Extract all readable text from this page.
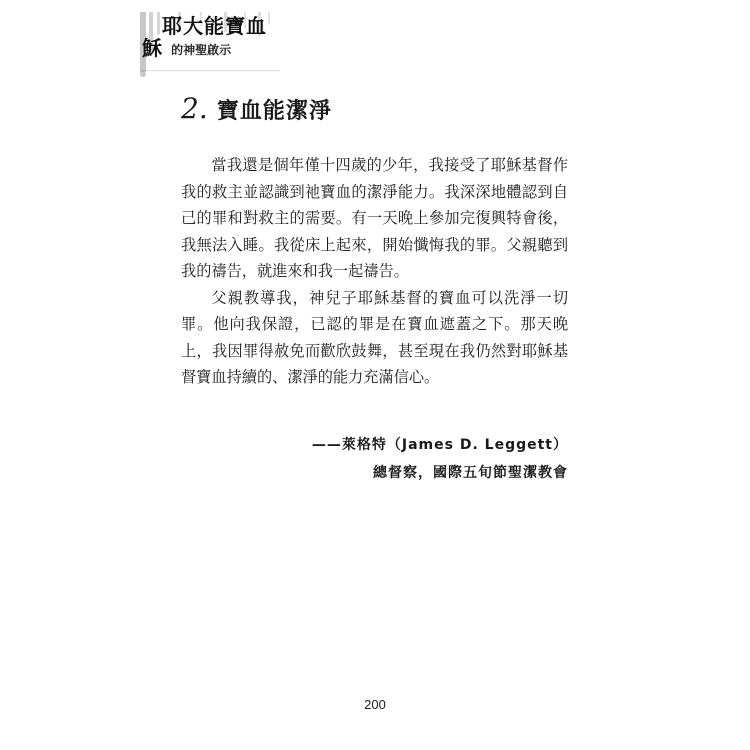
耶大能寶血
穌 的神聖啟示
2. 寶血能潔淨

當我還是個年僅十四歲的少年，我接受了耶穌基督作我的救主並認識到祂寶血的潔淨能力。我深深地體認到自己的罪和對救主的需要。有一天晚上參加完復興特會後，我無法入睡。我從床上起來，開始懺悔我的罪。父親聽到我的禱告，就進來和我一起禱告。

父親教導我，神兒子耶穌基督的寶血可以洗淨一切罪。他向我保證，已認的罪是在寶血遮蓋之下。那天晚上，我因罪得赦免而歡欣鼓舞，甚至現在我仍然對耶穌基督寶血持續的、潔淨的能力充滿信心。

——萊格特（James D. Leggett）
總督察，國際五旬節聖潔教會
200
